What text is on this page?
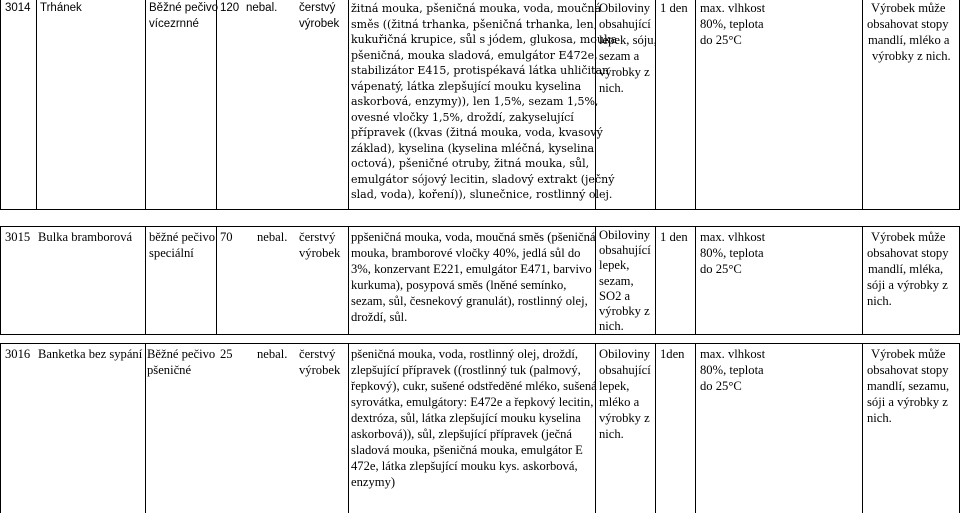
3014 Trhánek	Běžné pečivo
vícezrnné
120 nebal. čerstvý
výrobek
žitná mouka, pšeničná mouka, voda, moučná
směs ((žitná trhanka, pšeničná trhanka, len,
kukuřičná krupice, sůl s jódem, glukosa, mouka
pšeničná, mouka sladová, emulgátor E472e,
stabilizátor E415, protispékavá látka uhličitan
vápenatý, látka zlepšující mouku kyselina
askorbová, enzymy)), len 1,5%, sezam 1,5%,
ovesné vločky 1,5%, droždí, zakyselující
přípravek ((kvas (žitná mouka, voda, kvasový
základ), kyselina (kyselina mléčná, kyselina
octová), pšeničné otruby, žitná mouka, sůl,
emulgátor sójový lecitin, sladový extrakt (ječný
slad, voda), koření)), slunečnice, rostlinný olej.
Obiloviny
obsahující
lepek, sóju,
sezam a
výrobky z
nich.
1 den max. vlhkost
80%, teplota
do 25°C
Výrobek může
obsahovat stopy
mandlí, mléko a
výrobky z nich.
3015 Bulka bramborová běžné pečivo
speciální
70 nebal. čerstvý
výrobek
ppšeničná mouka, voda, moučná směs (pšeničná
mouka, bramborové vločky 40%, jedlá sůl do
3%, konzervant E221, emulgátor E471, barvivo
kurkuma), posypová směs (lněné semínko,
sezam, sůl, česnekový granulát), rostlinný olej,
droždí, sůl.
Obiloviny
obsahující
lepek,
sezam,
SO2 a
výrobky z
nich.
1 den max. vlhkost
80%, teplota
do 25°C
Výrobek může
obsahovat stopy
mandlí, mléka,
sóji a výrobky z
nich.
3016 Banketka bez sypání Běžné pečivo
pšeničné
25 nebal. čerstvý
výrobek
pšeničná mouka, voda, rostlinný olej, droždí,
zlepšující přípravek ((rostlinný tuk (palmový,
řepkový), cukr, sušené odstředěné mléko, sušená
syrovátka, emulgátory: E472e a řepkový lecitin,
dextróza, sůl, látka zlepšující mouku kyselina
askorbová)), sůl, zlepšující přípravek (ječná
sladová mouka, pšeničná mouka, emulgátor E
472e, látka zlepšující mouku kys. askorbová,
enzymy)
Obiloviny
obsahující
lepek,
mléko a
výrobky z
nich.
1den max. vlhkost
80%, teplota
do 25°C
Výrobek může
obsahovat stopy
mandlí, sezamu,
sóji a výrobky z
nich.
